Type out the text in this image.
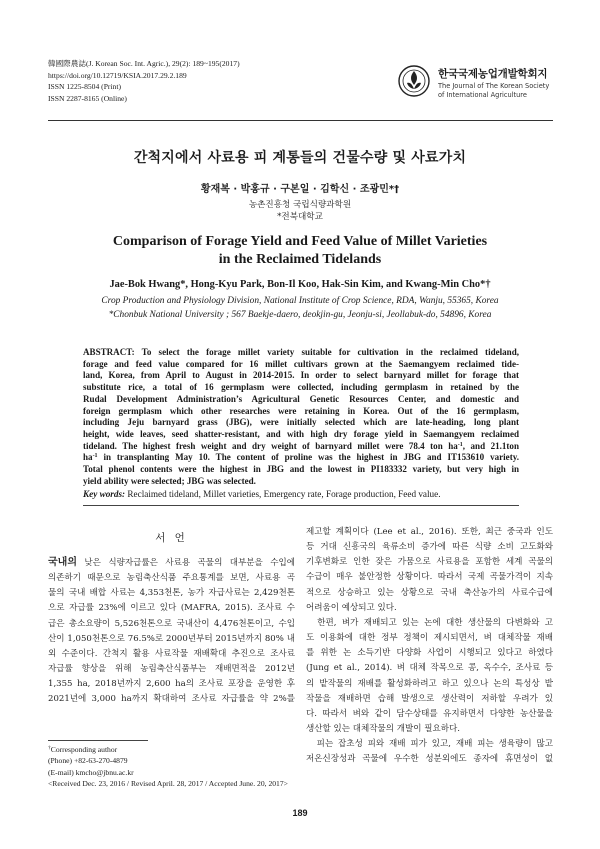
韓國際農誌(J. Korean Soc. Int. Agric.), 29(2): 189~195(2017)
https://doi.org/10.12719/KSIA.2017.29.2.189
ISSN 1225-8504 (Print)
ISSN 2287-8165 (Online)
한국국제농업개발학회지
The Journal of The Korean Society
of International Agriculture
간척지에서 사료용 피 계통들의 건물수량 및 사료가치
황재복 · 박홍규 · 구본일 · 김학신 · 조광민*†
농촌진흥청 국립식량과학원
*전북대학교
Comparison of Forage Yield and Feed Value of Millet Varieties
in the Reclaimed Tidelands
Jae-Bok Hwang*, Hong-Kyu Park, Bon-Il Koo, Hak-Sin Kim, and Kwang-Min Cho*†
Crop Production and Physiology Division, National Institute of Crop Science, RDA, Wanju, 55365, Korea
*Chonbuk National University ; 567 Baekje-daero, deokjin-gu, Jeonju-si, Jeollabuk-do, 54896, Korea
ABSTRACT: To select the forage millet variety suitable for cultivation in the reclaimed tideland,
forage and feed value compared for 16 millet cultivars grown at the Saemangyem reclaimed tide-
land, Korea, from April to August in 2014-2015. In order to select barnyard millet for forage that
substitute rice, a total of 16 germplasm were collected, including germplasm in retained by the
Rudal Development Administration’s Agricultural Genetic Resources Center, and domestic and
foreign germplasm which other researches were retaining in Korea. Out of the 16 germplasm,
including Jeju barnyard grass (JBG), were initially selected which are late-heading, long plant
height, wide leaves, seed shatter-resistant, and with high dry forage yield in Saemangyem reclaimed
tideland. The highest fresh weight and dry weight of barnyard millet were 78.4 ton $ha^{-1}$, and 21.1ton
$ha^{-1}$ in transplanting May 10. The content of proline was the highest in JBG and IT153610 variety.
Total phenol contents were the highest in JBG and the lowest in PI183332 variety, but very high in
yield ability were selected; JBG was selected.
Key words: Reclaimed tideland, Millet varieties, Emergency rate, Forage production, Feed value.
서 언
국내의 낮은 식량자급률은 사료용 곡물의 대부분을 수입에
의존하기 때문으로 농림축산식품 주요통계를 보면, 사료용 곡
물의 국내 배합 사료는 4,353천톤, 농가 자급사료는 2,429천톤
으로 자급률 23%에 이르고 있다 (MAFRA, 2015). 조사료 수
급은 총소요량이 5,526천톤으로 국내산이 4,476천톤이고, 수입
산이 1,050천톤으로 76.5%로 2000년부터 2015년까지 80% 내
외 수준이다. 간척지 활용 사료작물 재배확대 추진으로 조사료
자급률 향상을 위해 농림축산식품부는 재배면적을 2012년
1,355 ha, 2018년까지 2,600 ha의 조사료 포장을 운영한 후
2021년에 3,000 ha까지 확대하여 조사료 자급률을 약 2%를
†Corresponding author
(Phone) +82-63-270-4879
(E-mail) kmcho@jbnu.ac.kr
<Received Dec. 23, 2016 / Revised April. 28, 2017 / Accepted June. 20, 2017>
제고할 계획이다 (Lee et al., 2016). 또한, 최근 중국과 인도
등 거대 신흥국의 육류소비 증가에 따른 식량 소비 고도화와
기후변화로 인한 잦은 가뭄으로 사료용을 포함한 세계 곡물의
수급이 매우 불안정한 상황이다. 따라서 국제 곡물가격이 지속
적으로 상승하고 있는 상황으로 국내 축산농가의 사료수급에
어려움이 예상되고 있다.
　한편, 벼가 재배되고 있는 논에 대한 생산물의 다변화와 고
도 이용화에 대한 정부 정책이 제시되면서, 벼 대체작물 재배
를 위한 논 소득기반 다양화 사업이 시행되고 있다고 하였다
(Jung et al., 2014). 벼 대체 작목으로 콩, 옥수수, 조사료 등
의 밭작물의 재배를 활성화하려고 하고 있으나 논의 특성상 밭
작물을 재배하면 습해 발생으로 생산력이 저하할 우려가 있
다. 따라서 벼와 같이 담수상태를 유지하면서 다양한 농산물을
생산할 있는 대체작물의 개발이 필요하다.
　피는 잡초성 피와 재배 피가 있고, 재배 피는 생육량이 많고
저온신장성과 곡물에 우수한 성분외에도 종자에 휴면성이 없
189
